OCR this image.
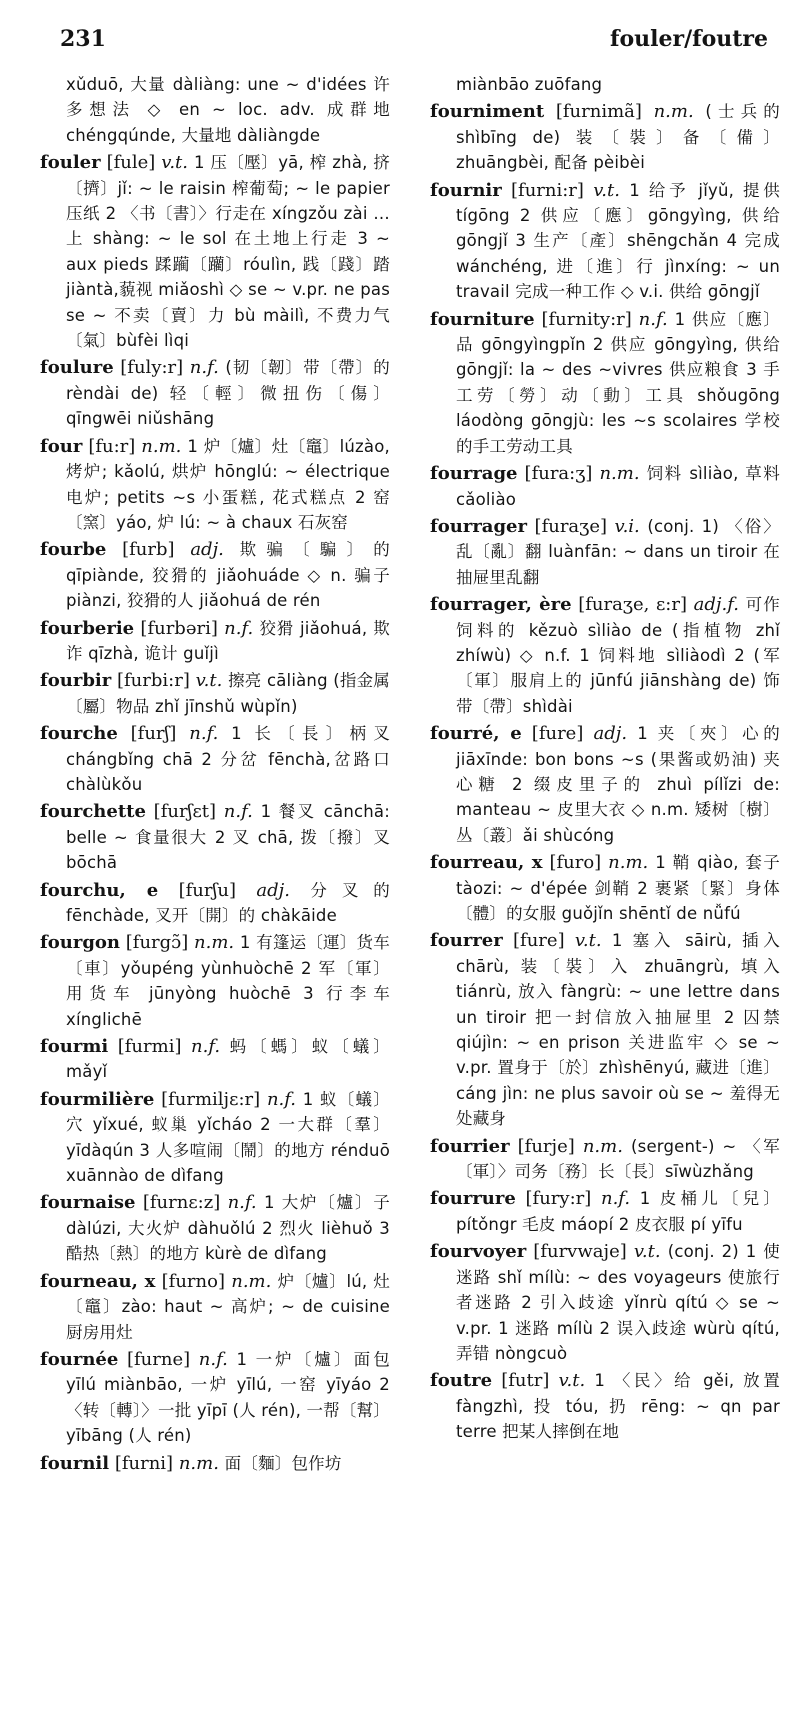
231	fouler/foutre

xǔduō, 大量 dàliàng: une ~ d'idées 许多想法 ◇ en ~ loc. adv. 成群地 chéngqúnde, 大量地 dàliàngde

fouler [fule] v.t. 1 压〔壓〕yā, 榨 zhà, 挤〔擠〕jǐ: ~ le raisin 榨葡萄; ~ le papier 压纸 2 〈书〔書〕〉行走在 xíngzǒu zài …上 shàng: ~ le sol 在土地上行走 3 ~ aux pieds 蹂躏〔躪〕róulìn, 践〔踐〕踏 jiàntà,藐视 miǎoshì ◇ se ~ v.pr. ne pas se ~ 不卖〔賣〕力 bù màilì, 不费力气〔氣〕bùfèi lìqi

foulure [fuly:r] n.f. (韧〔韌〕带〔帶〕的 rèndài de) 轻〔輕〕微扭伤〔傷〕qīngwēi niǔshāng

four [fu:r] n.m. 1 炉〔爐〕灶〔竈〕lúzào, 烤炉; kǎolú, 烘炉 hōnglú: ~ électrique 电炉; petits ~s 小蛋糕, 花式糕点 2 窑〔窯〕yáo, 炉 lú: ~ à chaux 石灰窑

fourbe [furb] adj. 欺骗〔騙〕的 qīpiànde, 狡猾的 jiǎohuáde ◇ n. 骗子 piànzi, 狡猾的人 jiǎohuá de rén

fourberie [furbəri] n.f. 狡猾 jiǎohuá, 欺诈 qīzhà, 诡计 guǐjì

fourbir [furbi:r] v.t. 擦亮 cāliàng (指金属〔屬〕物品 zhǐ jīnshǔ wùpǐn)

fourche [furʃ] n.f. 1 长〔長〕柄叉 chángbǐng chā 2 分岔 fēnchà,岔路口 chàlùkǒu

fourchette [furʃɛt] n.f. 1 餐叉 cānchā: belle ~ 食量很大 2 叉 chā, 拨〔撥〕叉 bōchā

fourchu, e [furʃu] adj. 分叉的 fēnchàde, 叉开〔開〕的 chàkāide

fourgon [furgɔ̃] n.m. 1 有篷运〔運〕货车〔車〕yǒupéng yùnhuòchē 2 军〔軍〕用货车 jūnyòng huòchē 3 行李车 xínglichē

fourmi [furmi] n.f. 蚂〔螞〕蚁〔蟻〕mǎyǐ

fourmilière [furmiljɛ:r] n.f. 1 蚁〔蟻〕穴 yǐxué, 蚁巢 yǐcháo 2 一大群〔羣〕yīdàqún 3 人多喧闹〔鬧〕的地方 rénduō xuānnào de dìfang

fournaise [furnɛ:z] n.f. 1 大炉〔爐〕子 dàlúzi, 大火炉 dàhuǒlú 2 烈火 lièhuǒ 3 酷热〔熱〕的地方 kùrè de dìfang

fourneau, x [furno] n.m. 炉〔爐〕lú, 灶〔竈〕zào: haut ~ 高炉; ~ de cuisine 厨房用灶

fournée [furne] n.f. 1 一炉〔爐〕面包 yīlú miànbāo, 一炉 yīlú, 一窑 yīyáo 2 〈转〔轉〕〉一批 yīpī (人 rén), 一帮〔幫〕yībāng (人 rén)

fournil [furni] n.m. 面〔麵〕包作坊

miànbāo zuōfang

fourniment [furnimã] n.m. (士兵的 shìbīng de) 装〔裝〕备〔備〕zhuāngbèi, 配备 pèibèi

fournir [furni:r] v.t. 1 给予 jǐyǔ, 提供 tígōng 2 供应〔應〕gōngyìng, 供给 gōngjǐ 3 生产〔產〕shēngchǎn 4 完成 wánchéng, 进〔進〕行 jìnxíng: ~ un travail 完成一种工作 ◇ v.i. 供给 gōngjǐ

fourniture [furnity:r] n.f. 1 供应〔應〕品 gōngyìngpǐn 2 供应 gōngyìng, 供给 gōngjǐ: la ~ des ~vivres 供应粮食 3 手工劳〔勞〕动〔動〕工具 shǒugōng láodòng gōngjù: les ~s scolaires 学校的手工劳动工具

fourrage [fura:ʒ] n.m. 饲料 sìliào, 草料 cǎoliào

fourrager [furaʒe] v.i. (conj. 1) 〈俗〉乱〔亂〕翻 luànfān: ~ dans un tiroir 在抽屉里乱翻

fourrager, ère [furaʒe, ɛ:r] adj.f. 可作饲料的 kězuò sìliào de (指植物 zhǐ zhíwù) ◇ n.f. 1 饲料地 sìliàodì 2 (军〔軍〕服肩上的 jūnfú jiānshàng de) 饰带〔帶〕shìdài

fourré, e [fure] adj. 1 夹〔夾〕心的 jiāxīnde: bon bons ~s (果酱或奶油) 夹心糖 2 缀皮里子的 zhuì pílǐzi de: manteau ~ 皮里大衣 ◇ n.m. 矮树〔樹〕丛〔叢〕ǎi shùcóng

fourreau, x [furo] n.m. 1 鞘 qiào, 套子 tàozi: ~ d'épée 剑鞘 2 裹紧〔緊〕身体〔體〕的女服 guǒjǐn shēntǐ de nǚfú

fourrer [fure] v.t. 1 塞入 sāirù, 插入 chārù, 装〔裝〕入 zhuāngrù, 填入 tiánrù, 放入 fàngrù: ~ une lettre dans un tiroir 把一封信放入抽屉里 2 囚禁 qiújìn: ~ en prison 关进监牢 ◇ se ~ v.pr. 置身于〔於〕zhìshēnyú, 藏进〔進〕cáng jìn: ne plus savoir où se ~ 羞得无处藏身

fourrier [furje] n.m. (sergent-) ~ 〈军〔軍〕〉司务〔務〕长〔長〕sīwùzhǎng

fourrure [fury:r] n.f. 1 皮桶儿〔兒〕pítǒngr 毛皮 máopí 2 皮衣服 pí yīfu

fourvoyer [furvwaje] v.t. (conj. 2) 1 使迷路 shǐ mílù: ~ des voyageurs 使旅行者迷路 2 引入歧途 yǐnrù qítú ◇ se ~ v.pr. 1 迷路 mílù 2 误入歧途 wùrù qítú, 弄错 nòngcuò

foutre [futr] v.t. 1 〈民〉给 gěi, 放置 fàngzhì, 投 tóu, 扔 rēng: ~ qn par terre 把某人摔倒在地
